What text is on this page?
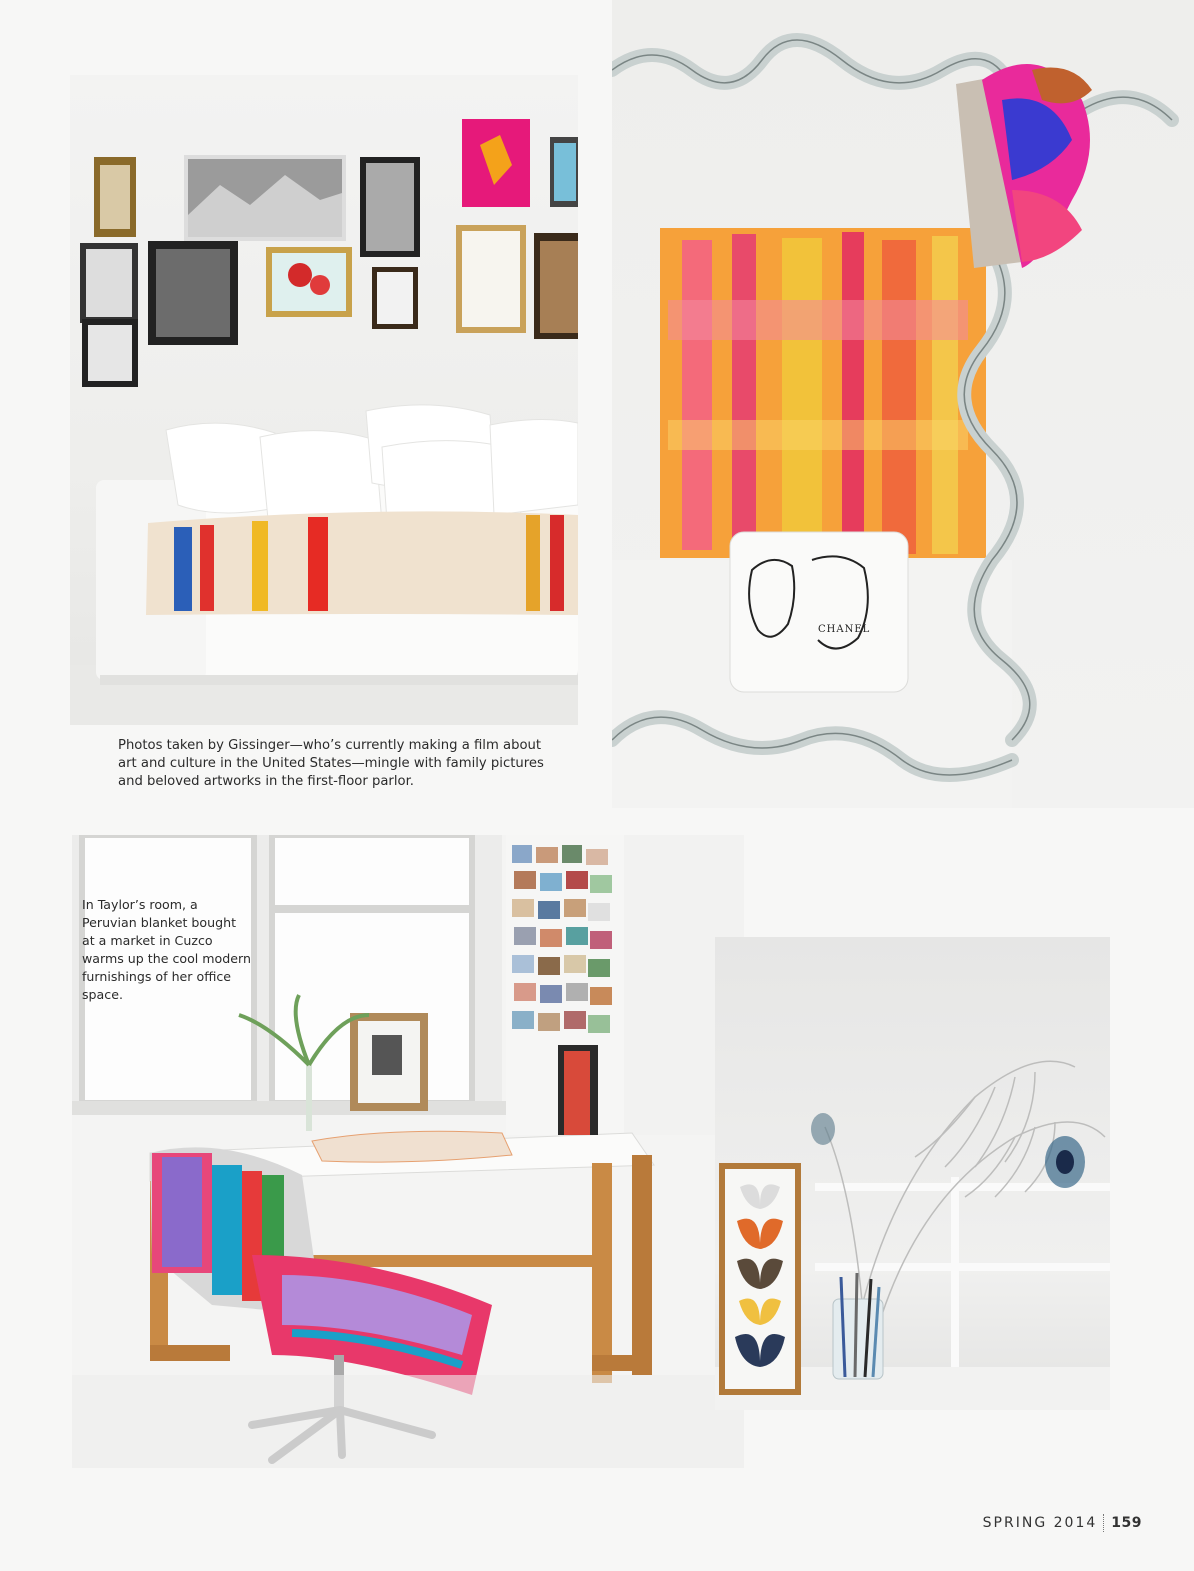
CHANEL

Photos taken by Gissinger—who’s currently making a film about art and culture in the United States—mingle with family pictures and beloved artworks in the first-floor parlor.

In Taylor’s room, a Peruvian blanket bought at a market in Cuzco warms up the cool modern furnishings of her office space.

SPRING 2014 159
